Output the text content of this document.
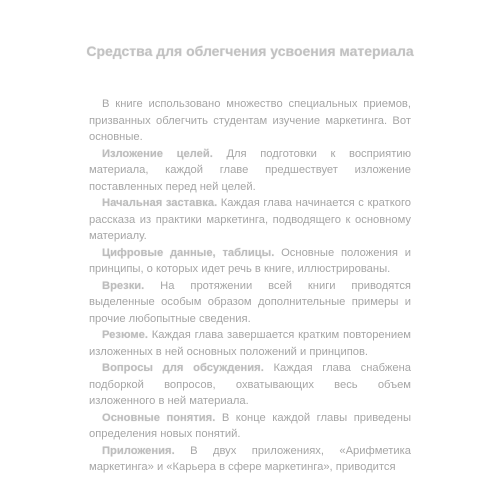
Средства для облегчения усвоения материала

В книге использовано множество специальных приемов, призванных облегчить студентам изучение маркетинга. Вот основные.

Изложение целей. Для подготовки к восприятию материала, каждой главе предшествует изложение поставленных перед ней целей.

Начальная заставка. Каждая глава начинается с краткого рассказа из практики маркетинга, подводящего к основному материалу.

Цифровые данные, таблицы. Основные положения и принципы, о которых идет речь в книге, иллюстрированы.

Врезки. На протяжении всей книги приводятся выделенные особым образом дополнительные примеры и прочие любопытные сведения.

Резюме. Каждая глава завершается кратким повторением изложенных в ней основных положений и принципов.

Вопросы для обсуждения. Каждая глава снабжена подборкой вопросов, охватывающих весь объем изложенного в ней материала.

Основные понятия. В конце каждой главы приведены определения новых понятий.

Приложения. В двух приложениях, «Арифметика маркетинга» и «Карьера в сфере маркетинга», приводится
